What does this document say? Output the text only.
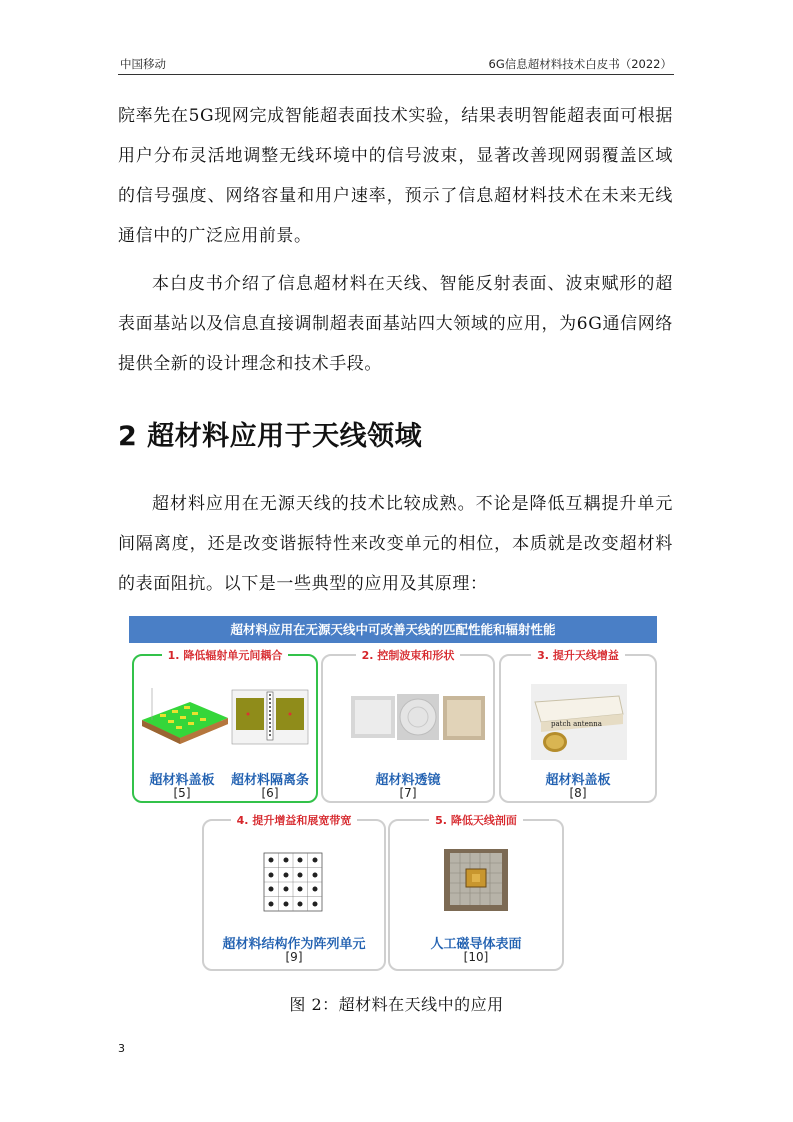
中国移动	6G信息超材料技术白皮书（2022）
院率先在5G现网完成智能超表面技术实验，结果表明智能超表面可根据用户分布灵活地调整无线环境中的信号波束，显著改善现网弱覆盖区域的信号强度、网络容量和用户速率，预示了信息超材料技术在未来无线通信中的广泛应用前景。
本白皮书介绍了信息超材料在天线、智能反射表面、波束赋形的超表面基站以及信息直接调制超表面基站四大领域的应用，为6G通信网络提供全新的设计理念和技术手段。
2 超材料应用于天线领域
超材料应用在无源天线的技术比较成熟。不论是降低互耦提升单元间隔离度，还是改变谐振特性来改变单元的相位，本质就是改变超材料的表面阻抗。以下是一些典型的应用及其原理：
超材料应用在无源天线中可改善天线的匹配性能和辐射性能
1. 降低辐射单元间耦合
超材料盖板	超材料隔离条
[5]	[6]
2. 控制波束和形状
超材料透镜
[7]
3. 提升天线增益
patch antenna
超材料盖板
[8]
4. 提升增益和展宽带宽
超材料结构作为阵列单元
[9]
5. 降低天线剖面
人工磁导体表面
[10]
图 2：超材料在天线中的应用
3
